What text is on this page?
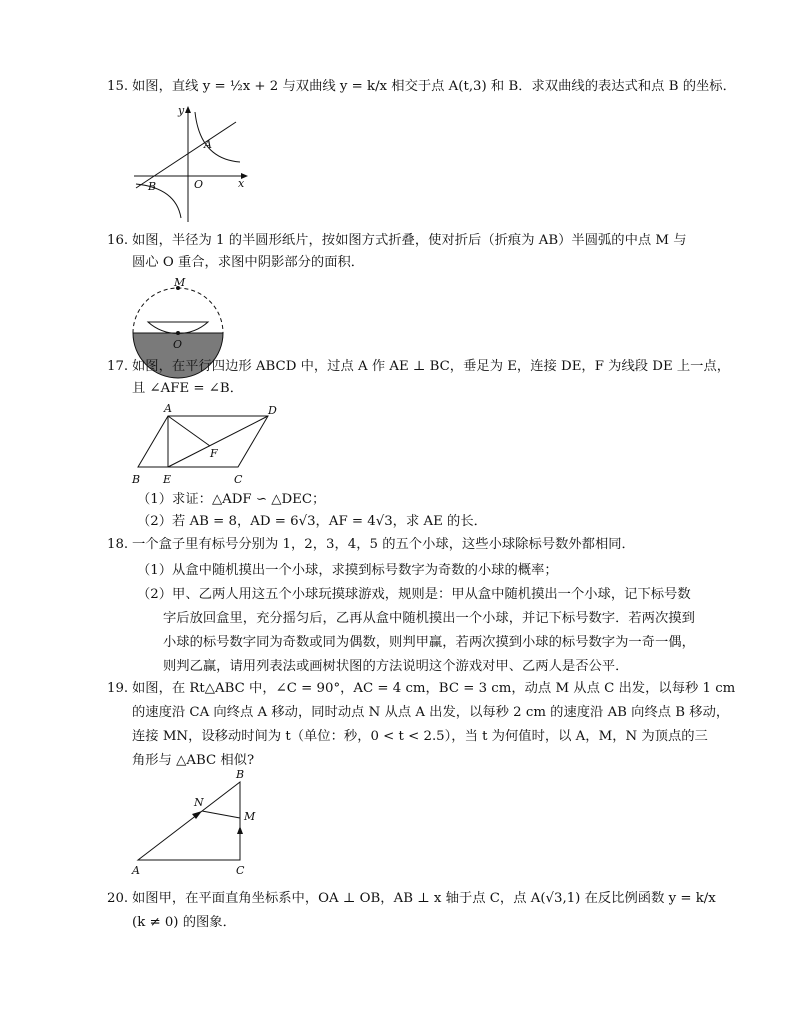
15. 如图，直线 y = ½x + 2 与双曲线 y = k/x 相交于点 A(t,3) 和 B．求双曲线的表达式和点 B 的坐标．
y
x
O
A
B
16. 如图，半径为 1 的半圆形纸片，按如图方式折叠，使对折后（折痕为 AB）半圆弧的中点 M 与
圆心 O 重合，求图中阴影部分的面积．
M
O
17. 如图，在平行四边形 ABCD 中，过点 A 作 AE ⊥ BC，垂足为 E，连接 DE，F 为线段 DE 上一点，
且 ∠AFE = ∠B．
A	D
F
B E	C
（1）求证：△ADF ∽ △DEC；
（2）若 AB = 8，AD = 6√3，AF = 4√3，求 AE 的长．
18. 一个盒子里有标号分别为 1，2，3，4，5 的五个小球，这些小球除标号数外都相同．
（1）从盒中随机摸出一个小球，求摸到标号数字为奇数的小球的概率；
（2）甲、乙两人用这五个小球玩摸球游戏，规则是：甲从盒中随机摸出一个小球，记下标号数
字后放回盒里，充分摇匀后，乙再从盒中随机摸出一个小球，并记下标号数字．若两次摸到
小球的标号数字同为奇数或同为偶数，则判甲赢，若两次摸到小球的标号数字为一奇一偶，
则判乙赢，请用列表法或画树状图的方法说明这个游戏对甲、乙两人是否公平．
19. 如图，在 Rt△ABC 中，∠C = 90°，AC = 4 cm，BC = 3 cm，动点 M 从点 C 出发，以每秒 1 cm
的速度沿 CA 向终点 A 移动，同时动点 N 从点 A 出发，以每秒 2 cm 的速度沿 AB 向终点 B 移动，
连接 MN，设移动时间为 t（单位：秒，0 < t < 2.5），当 t 为何值时，以 A，M，N 为顶点的三
角形与 △ABC 相似?
B
N
M
A	C
20. 如图甲，在平面直角坐标系中，OA ⊥ OB，AB ⊥ x 轴于点 C，点 A(√3,1) 在反比例函数 y = k/x
(k ≠ 0) 的图象．
